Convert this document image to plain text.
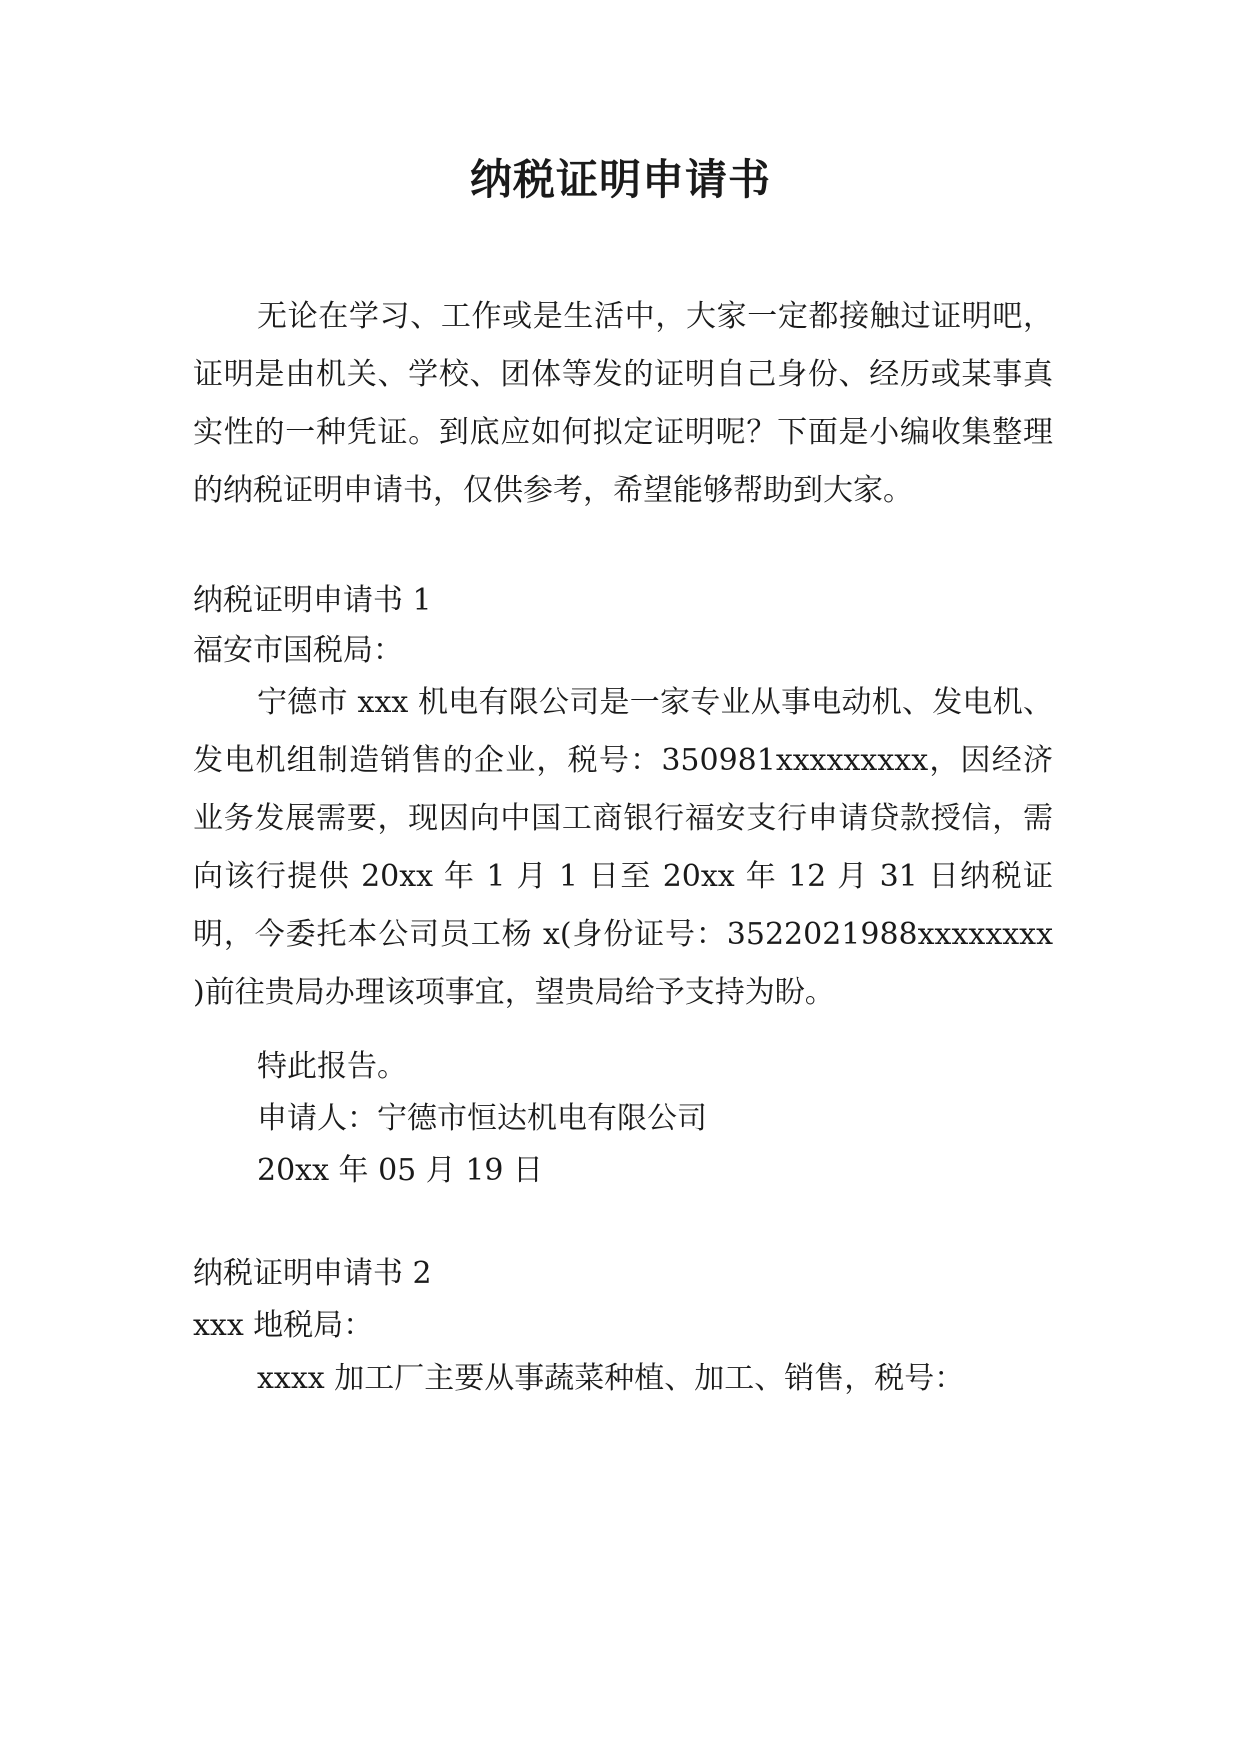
纳税证明申请书
无论在学习、工作或是生活中，大家一定都接触过证明吧，证明是由机关、学校、团体等发的证明自己身份、经历或某事真实性的一种凭证。到底应如何拟定证明呢？下面是小编收集整理的纳税证明申请书，仅供参考，希望能够帮助到大家。
纳税证明申请书 1
福安市国税局：
宁德市 xxx 机电有限公司是一家专业从事电动机、发电机、发电机组制造销售的企业，税号：350981xxxxxxxxx，因经济业务发展需要，现因向中国工商银行福安支行申请贷款授信，需向该行提供 20xx 年 1 月 1 日至 20xx 年 12 月 31 日纳税证明，今委托本公司员工杨 x(身份证号：3522021988xxxxxxxx )前往贵局办理该项事宜，望贵局给予支持为盼。
特此报告。
申请人：宁德市恒达机电有限公司
20xx 年 05 月 19 日
纳税证明申请书 2
xxx 地税局：
xxxx 加工厂主要从事蔬菜种植、加工、销售，税号：
